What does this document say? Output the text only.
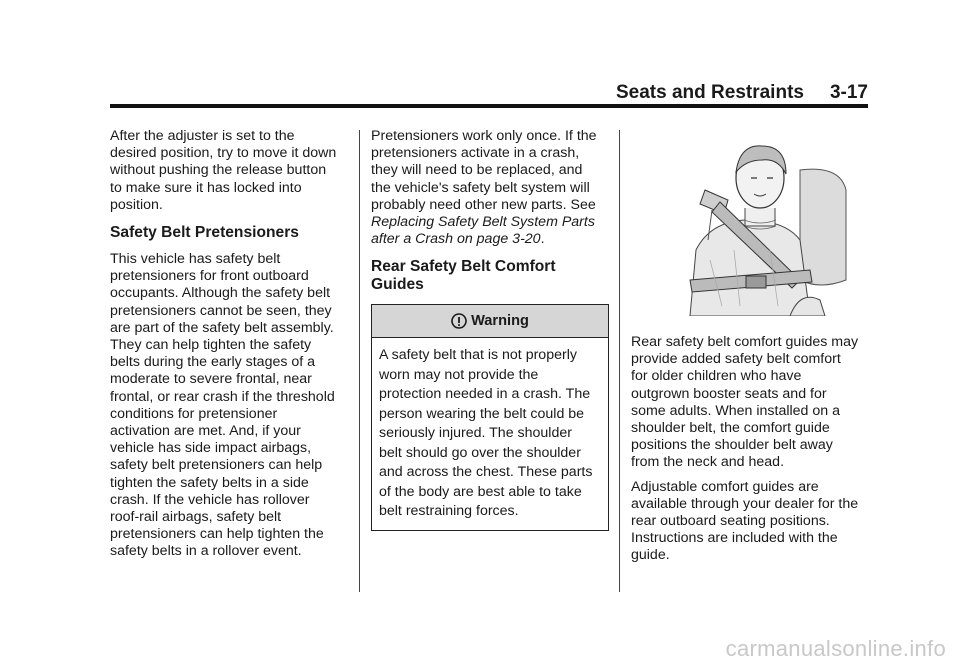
Seats and Restraints 3-17

After the adjuster is set to the
desired position, try to move it down
without pushing the release button
to make sure it has locked into
position.

Safety Belt Pretensioners

This vehicle has safety belt
pretensioners for front outboard
occupants. Although the safety belt
pretensioners cannot be seen, they
are part of the safety belt assembly.
They can help tighten the safety
belts during the early stages of a
moderate to severe frontal, near
frontal, or rear crash if the threshold
conditions for pretensioner
activation are met. And, if your
vehicle has side impact airbags,
safety belt pretensioners can help
tighten the safety belts in a side
crash. If the vehicle has rollover
roof-rail airbags, safety belt
pretensioners can help tighten the
safety belts in a rollover event.

Pretensioners work only once. If the
pretensioners activate in a crash,
they will need to be replaced, and
the vehicle's safety belt system will
probably need other new parts. See
Replacing Safety Belt System Parts
after a Crash on page 3-20.

Rear Safety Belt Comfort
Guides
Warning
A safety belt that is not properly
worn may not provide the
protection needed in a crash. The
person wearing the belt could be
seriously injured. The shoulder
belt should go over the shoulder
and across the chest. These parts
of the body are best able to take
belt restraining forces.

Rear safety belt comfort guides may
provide added safety belt comfort
for older children who have
outgrown booster seats and for
some adults. When installed on a
shoulder belt, the comfort guide
positions the shoulder belt away
from the neck and head.

Adjustable comfort guides are
available through your dealer for the
rear outboard seating positions.
Instructions are included with the
guide.

carmanualsonline.info
